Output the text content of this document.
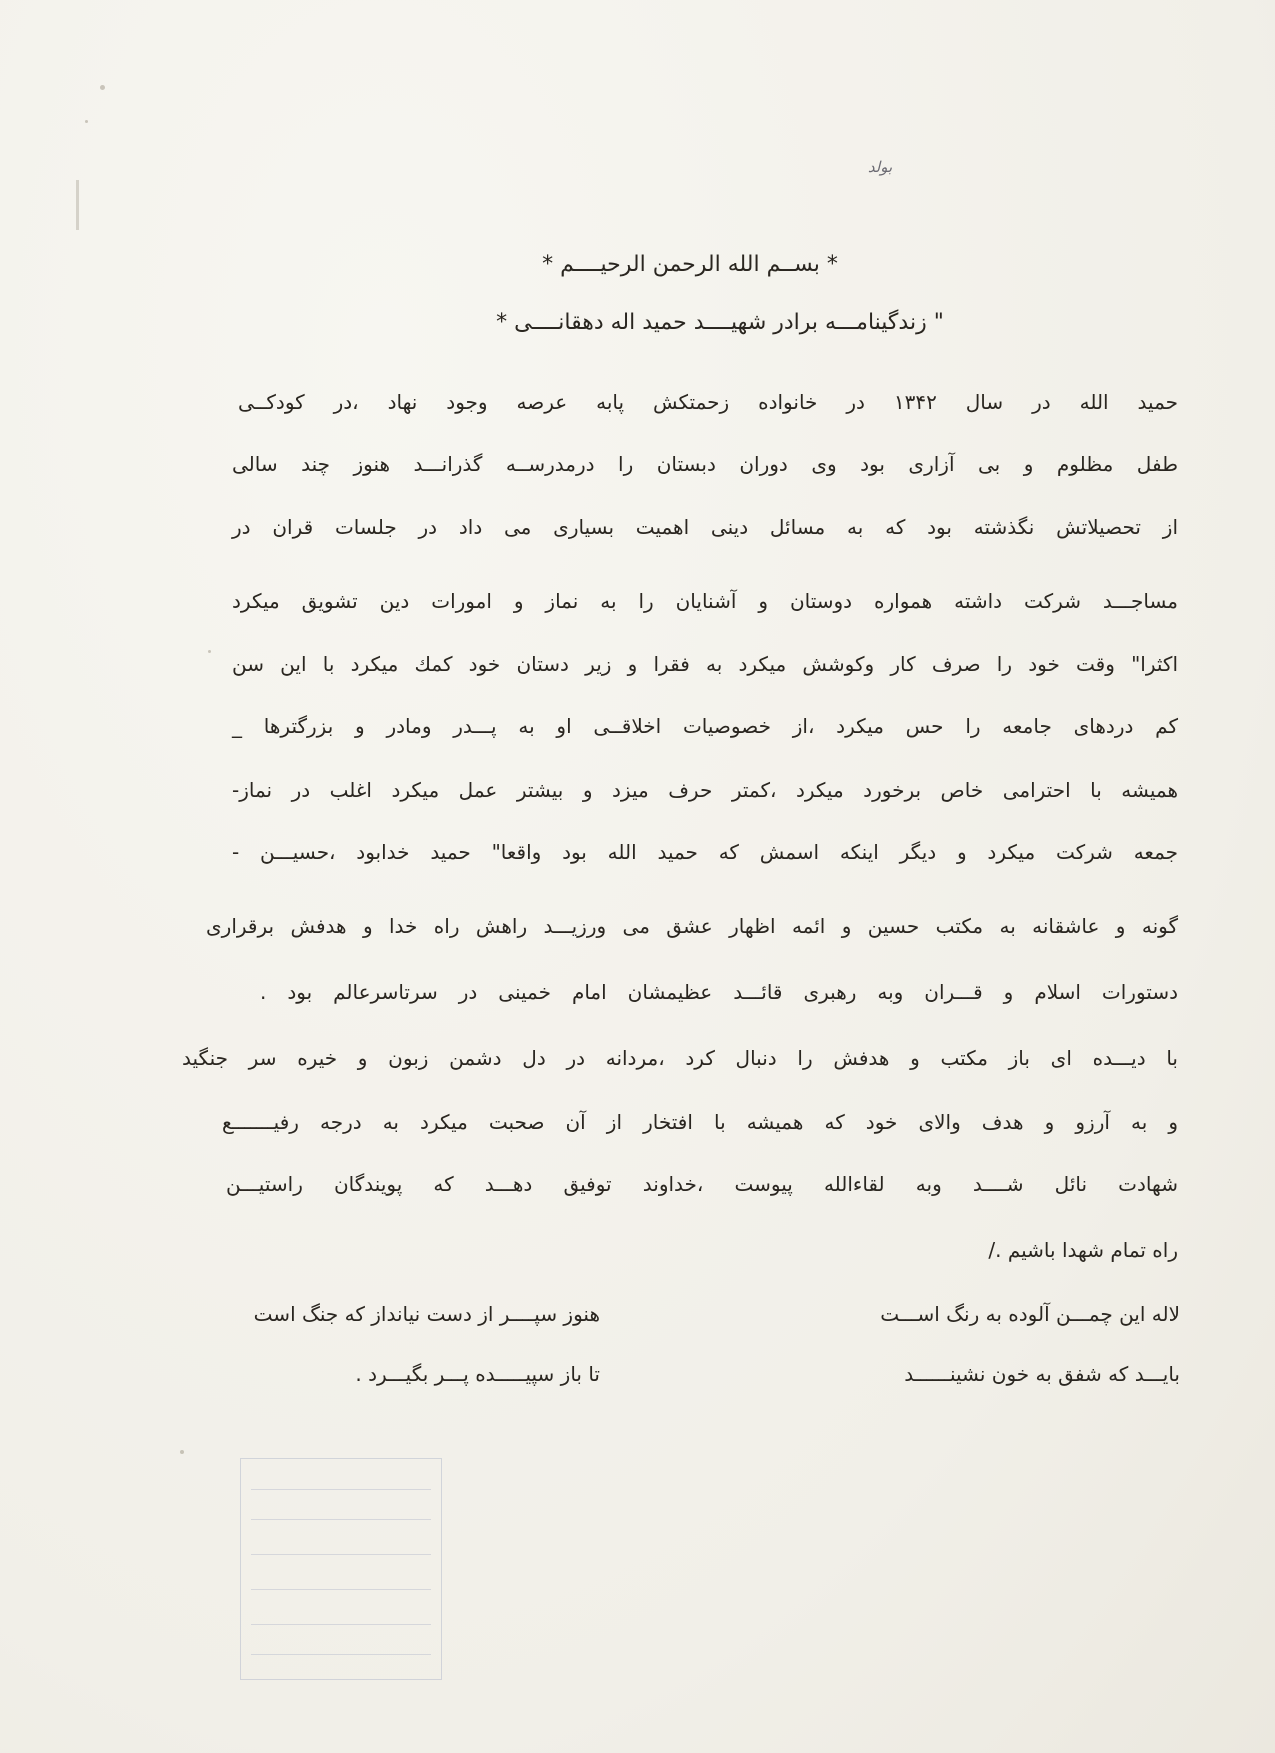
بولد
* بســم الله الرحمن الرحيــــم *
" زندگینامـــه برادر شهیــــد حمید اله دهقانــــی *
حمید الله در سال ۱۳۴۲ در خانواده زحمتکش پابه عرصه وجود نهاد ،در کودکــی
طفل مظلوم و بی آزاری بود وی دوران دبستان را درمدرســه گذرانـــد هنوز چند سالی
از تحصیلاتش نگذشته بود که به مسائل دینی اهمیت بسیاری می داد در جلسات قران در
مساجـــد شرکت داشته همواره دوستان و آشنایان را به نماز و امورات دین تشویق میکرد
اکثرا" وقت خود را صرف کار وکوشش میکرد به فقرا و زیر دستان خود کمك میکرد با این سن
کم دردهای جامعه را حس میکرد ،از خصوصیات اخلاقــی او به پـــدر ومادر و بزرگترها _
همیشه با احترامی خاص برخورد میکرد ،کمتر حرف میزد و بیشتر عمل میکرد اغلب در نماز-
جمعه شرکت میکرد و دیگر اینکه اسمش که حمید الله بود واقعا" حمید خدابود ،حسیـــن -
گونه و عاشقانه به مکتب حسین و ائمه اظهار عشق می ورزیـــد راهش راه خدا و هدفش برقراری
دستورات اسلام و قـــران وبه رهبری قائـــد عظیمشان امام خمینی در سرتاسرعالم بود .
با دیـــده ای باز مکتب و هدفش را دنبال کرد ،مردانه در دل دشمن زبون و خیره سر جنگید
و به آرزو و هدف والای خود که همیشه با افتخار از آن صحبت میکرد به درجه رفیـــــــع
شهادت نائل شــــد وبه لقاءالله پیوست ،خداوند توفیق دهـــد که پویندگان راستیـــن
راه تمام شهدا باشیم ./
لاله این چمـــن آلوده به رنگ اســـت
بایـــد که شفق به خون نشینــــــد
هنوز سپــــر از دست نیانداز که جنگ است
تا باز سپیـــــده پـــر بگیـــرد .
